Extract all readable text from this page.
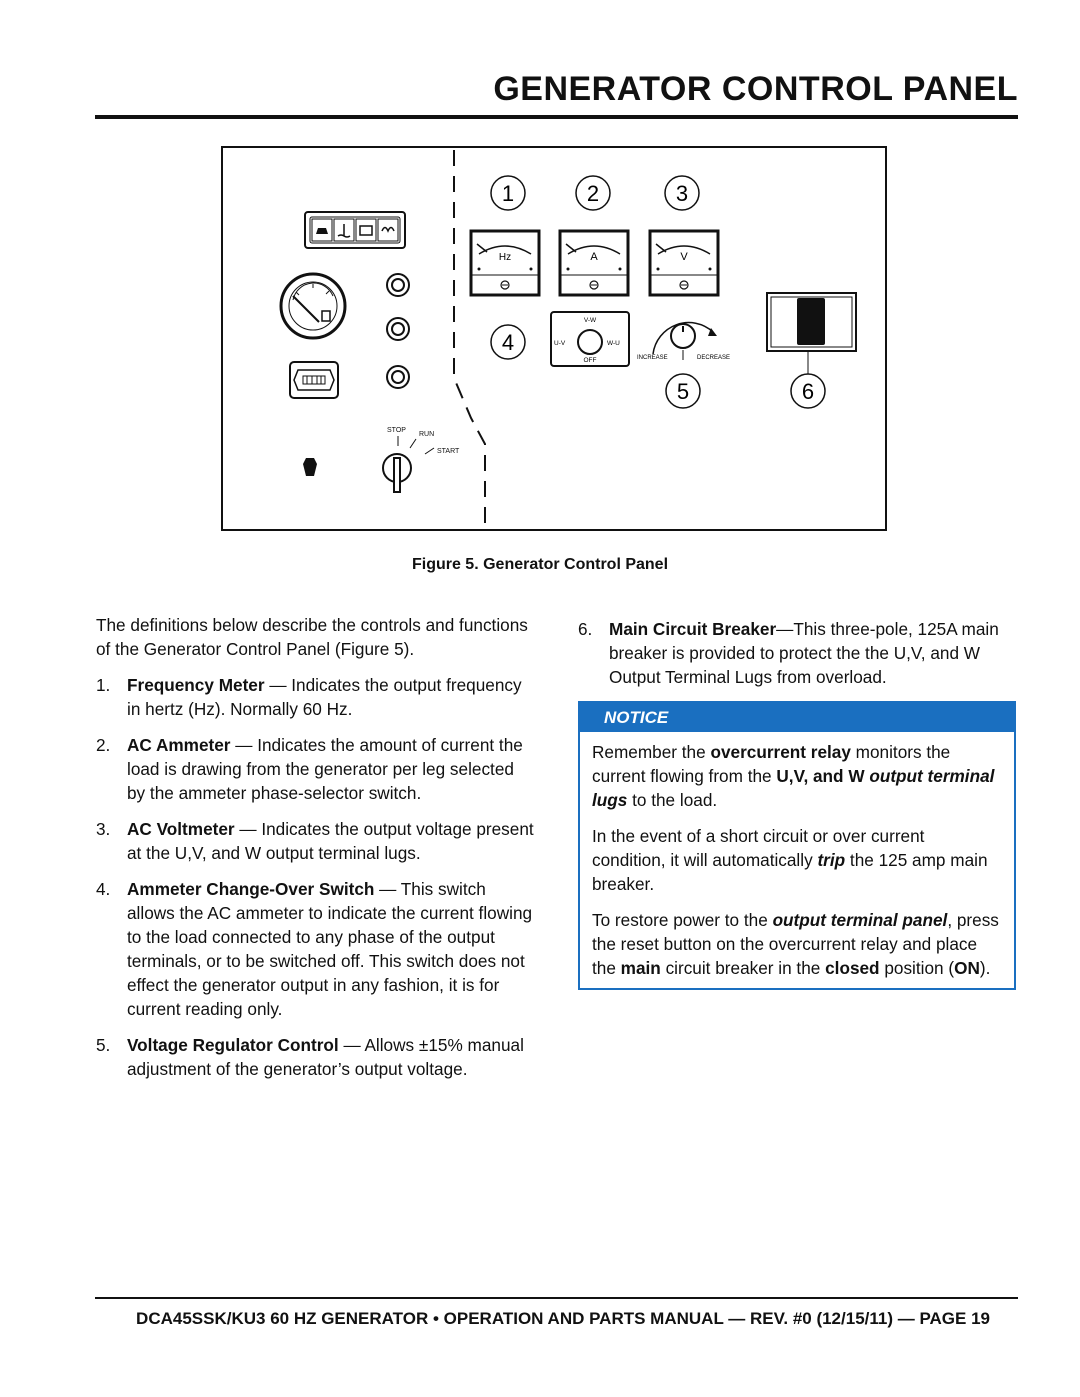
GENERATOR CONTROL PANEL
STOP
RUN
START
1	2	3
4
5	6
Hz	A	V
V-W
U-V	W-U
OFF	INCREASE	DECREASE
Figure 5. Generator Control Panel

The definitions below describe the controls and functions of the Generator Control Panel (Figure 5).

1. Frequency Meter — Indicates the output frequency in hertz (Hz). Normally 60 Hz.
2. AC Ammeter — Indicates the amount of current the load is drawing from the generator per leg selected by the ammeter phase-selector switch.
3. AC Voltmeter — Indicates the output voltage present at the U,V, and W output terminal lugs.
4. Ammeter Change-Over Switch — This switch allows the AC ammeter to indicate the current flowing to the load connected to any phase of the output terminals, or to be switched off. This switch does not effect the generator output in any fashion, it is for current reading only.
5. Voltage Regulator Control — Allows ±15% manual adjustment of the generator’s output voltage.
6. Main Circuit Breaker—This three-pole, 125A main breaker is provided to protect the the U,V, and W Output Terminal Lugs from overload.
NOTICE

Remember the overcurrent relay monitors the current flowing from the U,V, and W output terminal lugs to the load.

In the event of a short circuit or over current condition, it will automatically trip the 125 amp main breaker.

To restore power to the output terminal panel, press the reset button on the overcurrent relay and place the main circuit breaker in the closed position (ON).

DCA45SSK/KU3 60 HZ GENERATOR • OPERATION AND PARTS MANUAL — REV. #0 (12/15/11) — PAGE 19
